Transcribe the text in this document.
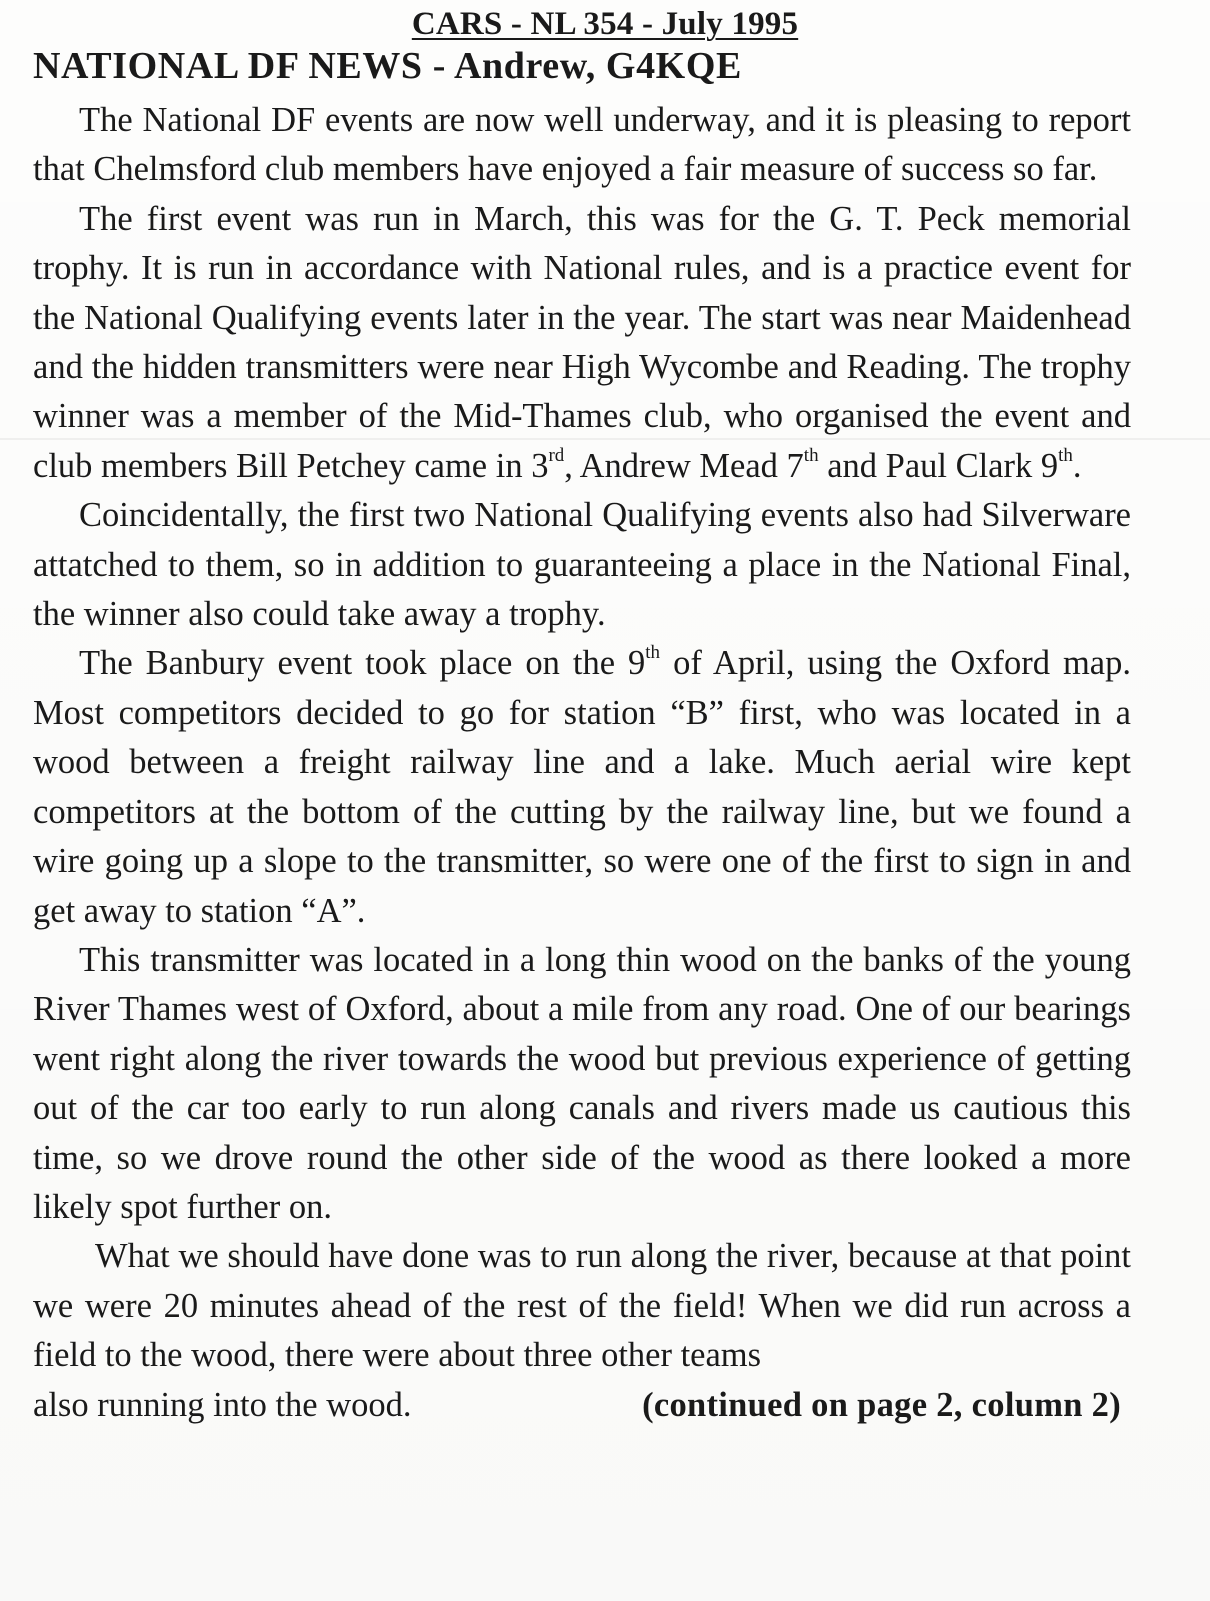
CARS - NL 354 - July 1995
NATIONAL DF NEWS - Andrew, G4KQE

The National DF events are now well underway, and it is pleasing to report that Chelmsford club members have enjoyed a fair measure of success so far.

The first event was run in March, this was for the G. T. Peck memorial trophy. It is run in accordance with National rules, and is a practice event for the National Qualifying events later in the year. The start was near Maidenhead and the hidden transmitters were near High Wycombe and Reading. The trophy winner was a member of the Mid-Thames club, who organised the event and club members Bill Petchey came in 3rd, Andrew Mead 7th and Paul Clark 9th.

Coincidentally, the first two National Qualifying events also had Silverware attatched to them, so in addition to guaranteeing a place in the National Final, the winner also could take away a trophy.

The Banbury event took place on the 9th of April, using the Oxford map. Most competitors decided to go for station “B” first, who was located in a wood between a freight railway line and a lake. Much aerial wire kept competitors at the bottom of the cutting by the railway line, but we found a wire going up a slope to the transmitter, so were one of the first to sign in and get away to station “A”.

This transmitter was located in a long thin wood on the banks of the young River Thames west of Oxford, about a mile from any road. One of our bearings went right along the river towards the wood but previous experience of getting out of the car too early to run along canals and rivers made us cautious this time, so we drove round the other side of the wood as there looked a more likely spot further on.

What we should have done was to run along the river, because at that point we were 20 minutes ahead of the rest of the field! When we did run across a field to the wood, there were about three other teams

also running into the wood.	(continued on page 2, column 2)
